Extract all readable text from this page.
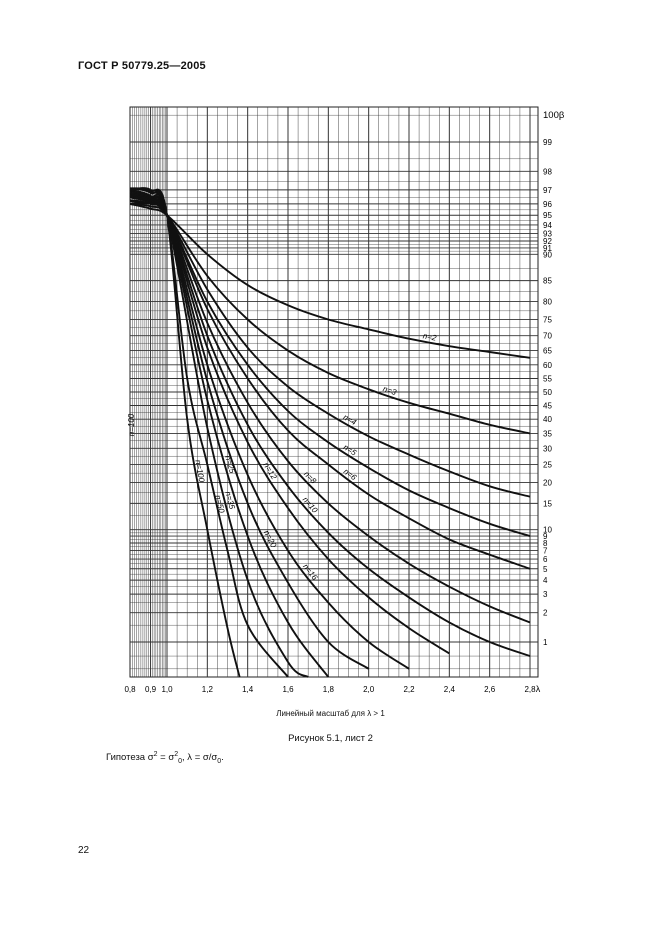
ГОСТ Р 50779.25—2005
0,8 0,9 1,0	1,2	1,4	1,6	1,8	2,0	2,2	2,4	2,6	2,8 λ
99
98
97
96
95
94
93
92
91
90
85
80
75
70
65
60
55
50
45
40
35
30
25
20
15
10
9
8
7
6
5
4
3
2
1
100β
n=2
n=3
n=4
n=5
n=6
n=8
n=10
n=12
n=16
n=20
n=25
n=35
n=50
n=100
n=100
Линейный масштаб для λ > 1
Рисунок 5.1, лист 2
Гипотеза $\sigma^2 = \sigma^2_0$, $\lambda = \sigma/\sigma_0$.
22
